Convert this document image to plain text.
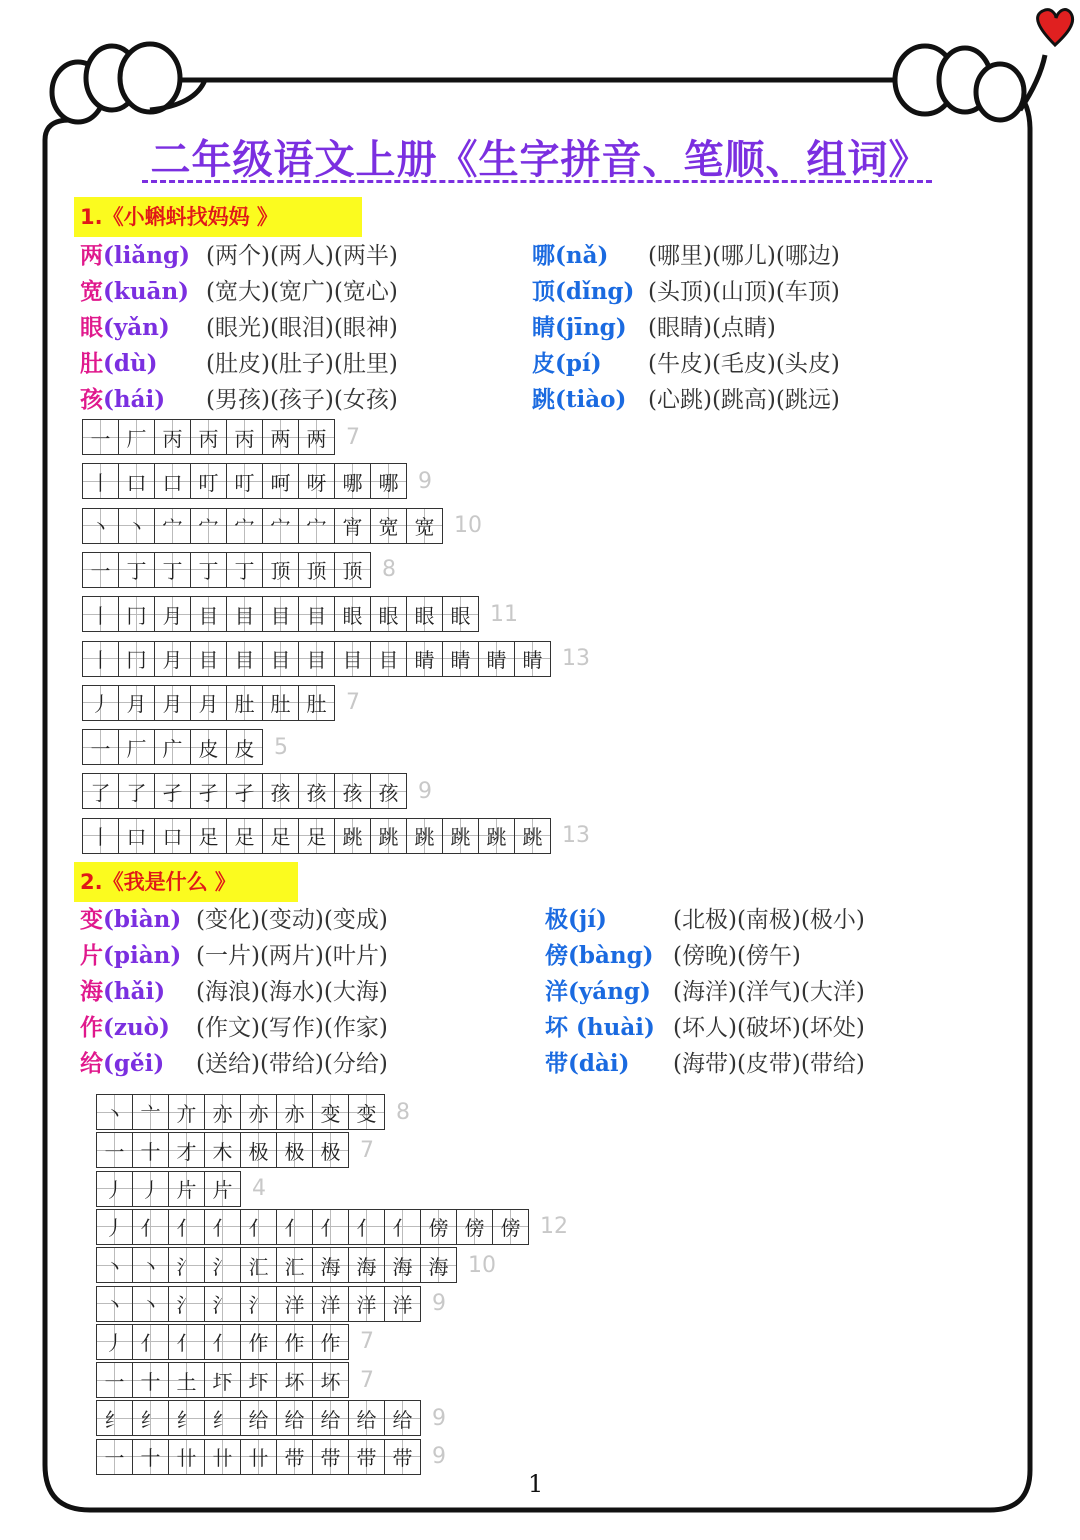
二年级语文上册《生字拼音、笔顺、组词》
1.《小蝌蚪找妈妈 》
两(liǎng) (两个)(两人)(两半)
宽(kuān) (宽大)(宽广)(宽心)
眼(yǎn) (眼光)(眼泪)(眼神)
肚(dù) (肚皮)(肚子)(肚里)
孩(hái) (男孩)(孩子)(女孩)
哪(nǎ) (哪里)(哪儿)(哪边)
顶(dǐng) (头顶)(山顶)(车顶)
睛(jīng) (眼睛)(点睛)
皮(pí) (牛皮)(毛皮)(头皮)
跳(tiào) (心跳)(跳高)(跳远)
一 厂 丙 丙 丙 两 两 7
丨 口 口 叮 叮 呵 呀 哪 哪 9
丶 丶 宀 宀 宀 宀 宀 宵 宽 宽 10
一 丁 丁 丁 丁 顶 顶 顶 8
丨 冂 月 目 目 目 目 眼 眼 眼 眼 11
丨 冂 月 目 目 目 目 目 目 睛 睛 睛 睛 13
丿 月 月 月 肚 肚 肚 7
一 厂 广 皮 皮 5
了 了 孑 孑 孑 孩 孩 孩 孩 9
丨 口 口 足 足 足 足 跳 跳 跳 跳 跳 跳 13
2.《我是什么 》
变(biàn) (变化)(变动)(变成)
片(piàn) (一片)(两片)(叶片)
海(hǎi) (海浪)(海水)(大海)
作(zuò) (作文)(写作)(作家)
给(gěi) (送给)(带给)(分给)
极(jí)	(北极)(南极)(极小)
傍(bàng) (傍晚)(傍午)
洋(yáng) (海洋)(洋气)(大洋)
坏 (huài) (坏人)(破坏)(坏处)
带(dài) (海带)(皮带)(带给)
丶 亠 亣 亦 亦 亦 变 变 8
一 十 才 木 极 极 极 7
丿 丿 片 片 4
丿 亻 亻 亻 亻 亻 亻 亻 亻 傍 傍 傍 12
丶 丶 氵 氵 汇 汇 海 海 海 海 10
丶 丶 氵 氵 氵 洋 洋 洋 洋 9
丿 亻 亻 亻 作 作 作 7
一 十 土 圷 圷 坏 坏 7
纟 纟 纟 纟 给 给 给 给 给 9
一 十 卄 卄 卄 带 带 带 带 9
1
